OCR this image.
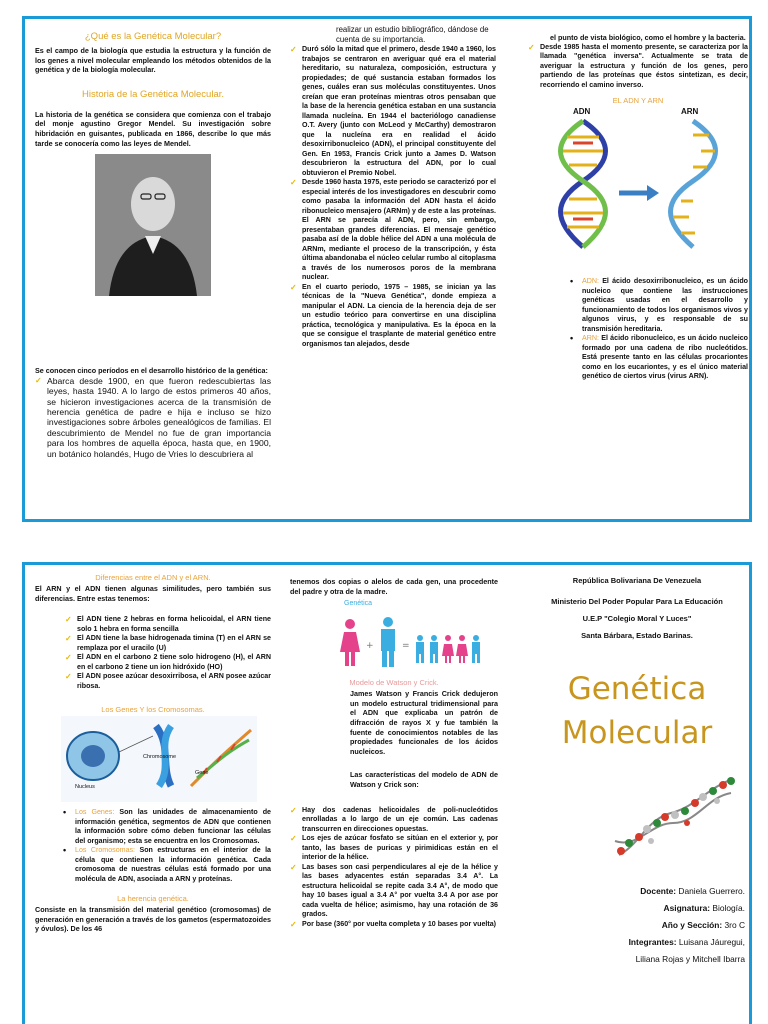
¿Qué es la Genética Molecular?

Es el campo de la biología que estudia la estructura y la función de los genes a nivel molecular empleando los métodos obtenidos de la genética y de la biología molecular.

Historia de la Genética Molecular.

La historia de la genética se considera que comienza con el trabajo del monje agustino Gregor Mendel. Su investigación sobre hibridación en guisantes, publicada en 1866, describe lo que más tarde se conocería como las leyes de Mendel.

Se conocen cinco períodos en el desarrollo histórico de la genética:

✓ Abarca desde 1900, en que fueron redescubiertas las leyes, hasta 1940. A lo largo de estos primeros 40 años, se hicieron investigaciones acerca de la transmisión de herencia genética de padre e hija e incluso se hizo investigaciones sobre árboles genealógicos de familias. El descubrimiento de Mendel no fue de gran importancia para los hombres de aquella época, hasta que, en 1900, un botánico holandés, Hugo de Vries lo descubriera al

realizar un estudio bibliográfico, dándose de cuenta de su importancia.

✓ Duró sólo la mitad que el primero, desde 1940 a 1960, los trabajos se centraron en averiguar qué era el material hereditario, su naturaleza, composición, estructura y propiedades; de qué sustancia estaban formados los genes, cuáles eran sus moléculas constituyentes. Unos creían que eran proteínas mientras otros pensaban que la base de la herencia genética estaban en una sustancia llamada nucleína. En 1944 el bacteriólogo canadiense O.T. Avery (junto con McLeod y McCarthy) demostraron que la nucleína era en realidad el ácido desoxirribonucleico (ADN), el principal constituyente del Gen. En 1953, Francis Crick junto a James D. Watson descubrieron la estructura del ADN, por lo cual obtuvieron el Premio Nobel.
✓ Desde 1960 hasta 1975, este periodo se caracterizó por el especial interés de los investigadores en descubrir como como pasaba la información del ADN hasta el ácido ribonucleico mensajero (ARNm) y de este a las proteínas. El ARN se parecía al ADN, pero, sin embargo, presentaban grandes diferencias. El mensaje genético pasaba así de la doble hélice del ADN a una molécula de ARNm, mediante el proceso de la transcripción, y ésta última abandonaba el núcleo celular rumbo al citoplasma a través de los numerosos poros de la membrana nuclear.
✓ En el cuarto periodo, 1975 – 1985, se inician ya las técnicas de la "Nueva Genética", donde empieza a manipular el ADN. La ciencia de la herencia deja de ser un estudio teórico para convertirse en una disciplina práctica, tecnológica y manipulativa. Es la época en la que se consigue el trasplante de material genético entre organismos tan alejados, desde

el punto de vista biológico, como el hombre y la bacteria.

✓ Desde 1985 hasta el momento presente, se caracteriza por la llamada "genética inversa". Actualmente se trata de averiguar la estructura y función de los genes, pero partiendo de las proteínas que éstos sintetizan, es decir, recorriendo el camino inverso.
EL ADN Y ARN
ADN	ARN
• ADN: El ácido desoxirribonucleico, es un ácido nucleico que contiene las instrucciones genéticas usadas en el desarrollo y funcionamiento de todos los organismos vivos y algunos virus, y es responsable de su transmisión hereditaria.
• ARN: El ácido ribonucleico, es un ácido nucleico formado por una cadena de ribo nucleótidos. Está presente tanto en las células procariontes como en los eucariontes, y es el único material genético de ciertos virus (virus ARN).
Diferencias entre el ADN y el ARN.

El ARN y el ADN tienen algunas similitudes, pero también sus diferencias. Entre estas tenemos:

✓ El ADN tiene 2 hebras en forma helicoidal, el ARN tiene solo 1 hebra en forma sencilla
✓ El ADN tiene la base hidrogenada timina (T) en el ARN se remplaza por el uracilo (U)
✓ El ADN en el carbono 2 tiene solo hidrogeno (H), el ARN en el carbono 2 tiene un ion hidróxido (HO)
✓ El ADN posee azúcar desoxirribosa, el ARN posee azúcar ribosa.
Los Genes Y los Cromosomas.
Chromosome
Nucleus
Gene
• Los Genes: Son las unidades de almacenamiento de información genética, segmentos de ADN que contienen la información sobre cómo deben funcionar las células del organismo; esta se encuentra en los Cromosomas.
• Los Cromosomas: Son estructuras en el interior de la célula que contienen la información genética. Cada cromosoma de nuestras células está formado por una molécula de ADN, asociada a ARN y proteínas.
La herencia genética.

Consiste en la transmisión del material genético (cromosomas) de generación en generación a través de los gametos (espermatozoides y óvulos). De los 46

tenemos dos copias o alelos de cada gen, una procedente del padre y otra de la madre.

+	=
Genética
Modelo de Watson y Crick.

James Watson y Francis Crick dedujeron un modelo estructural tridimensional para el ADN que explicaba un patrón de difracción de rayos X y fue también la fuente de conocimientos notables de las propiedades funcionales de los ácidos nucleicos.

Las características del modelo de ADN de Watson y Crick son:

✓ Hay dos cadenas helicoidales de poli-nucleótidos enrolladas a lo largo de un eje común. Las cadenas transcurren en direcciones opuestas.
✓ Los ejes de azúcar fosfato se sitúan en el exterior y, por tanto, las bases de puricas y pirimidicas están en el interior de la hélice.
✓ Las bases son casi perpendiculares al eje de la hélice y las bases adyacentes están separadas 3.4 A°. La estructura helicoidal se repite cada 3.4 A°, de modo que hay 10 bases igual a 3.4 A° por vuelta 3.4 A por ase por cada vuelta de hélice; asimismo, hay una rotación de 36 grados.
✓ Por base (360° por vuelta completa y 10 bases por vuelta)
República Bolivariana De Venezuela
Ministerio Del Poder Popular Para La Educación
U.E.P "Colegio Moral Y Luces"
Santa Bárbara, Estado Barinas.
Genética
Molecular
Docente: Daniela Guerrero.
Asignatura: Biología.
Año y Sección: 3ro C
Integrantes: Luisana Jáuregui,
Liliana Rojas y Mitchell Ibarra
